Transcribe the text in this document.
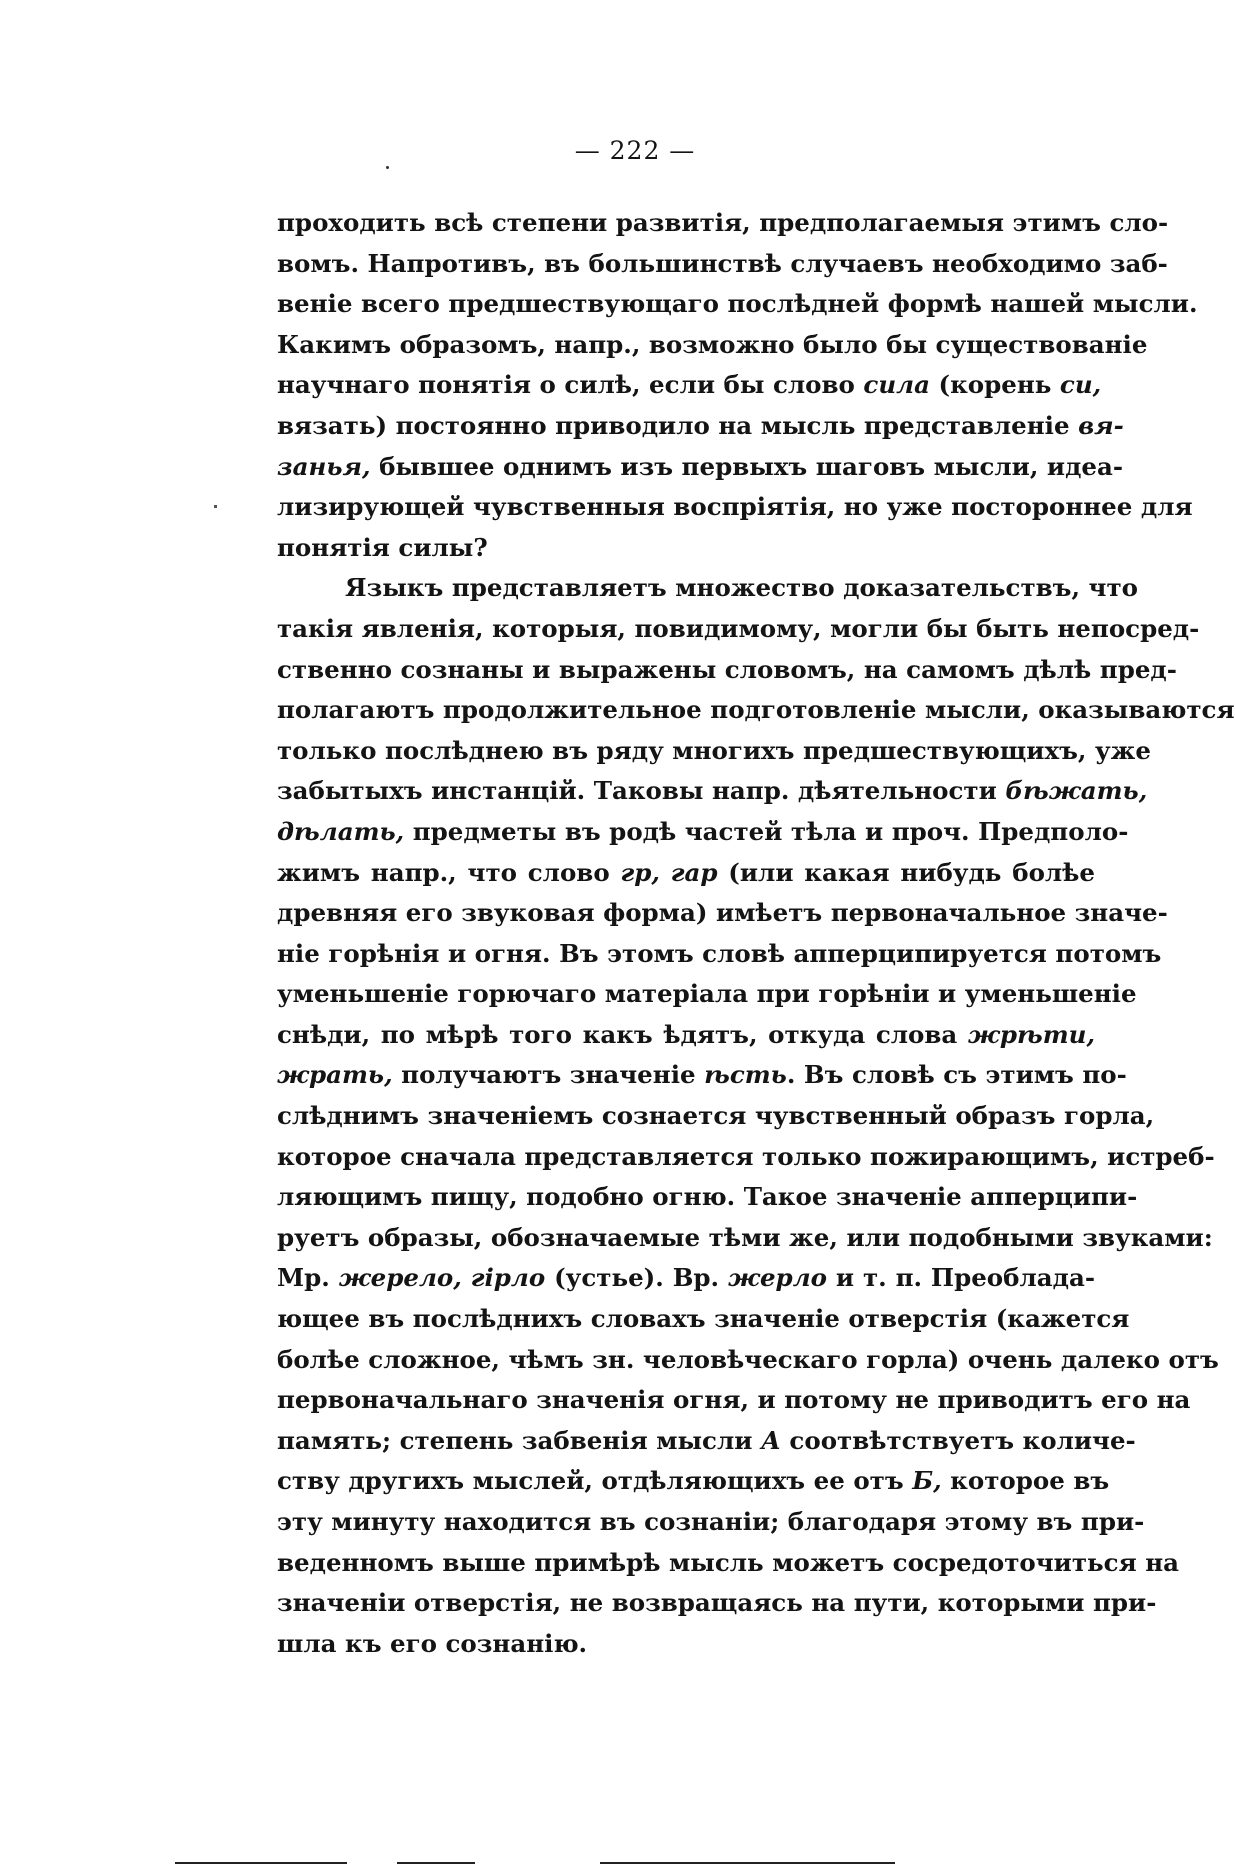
— 222 —
проходить всѣ степени развитія, предполагаемыя этимъ сло-
вомъ. Напротивъ, въ большинствѣ случаевъ необходимо заб-
веніе всего предшествующаго послѣдней формѣ нашей мысли.
Какимъ образомъ, напр., возможно было бы существованіе
научнаго понятія о силѣ, если бы слово сила (корень си,
вязать) постоянно приводило на мысль представленіе вя-
занья, бывшее однимъ изъ первыхъ шаговъ мысли, идеа-
лизирующей чувственныя воспріятія, но уже постороннее для
понятія силы?
Языкъ представляетъ множество доказательствъ, что
такія явленія, которыя, повидимому, могли бы быть непосред-
ственно сознаны и выражены словомъ, на самомъ дѣлѣ пред-
полагаютъ продолжительное подготовленіе мысли, оказываются
только послѣднею въ ряду многихъ предшествующихъ, уже
забытыхъ инстанцій. Таковы напр. дѣятельности бѣжать,
дѣлать, предметы въ родѣ частей тѣла и проч. Предполо-
жимъ напр., что слово гр, гар (или какая нибудь болѣе
древняя его звуковая форма) имѣетъ первоначальное значе-
ніе горѣнія и огня. Въ этомъ словѣ апперципируется потомъ
уменьшеніе горючаго матеріала при горѣніи и уменьшеніе
снѣди, по мѣрѣ того какъ ѣдятъ, откуда слова жрѣти,
жрать, получаютъ значеніе ѣсть. Въ словѣ съ этимъ по-
слѣднимъ значеніемъ сознается чувственный образъ горла,
которое сначала представляется только пожирающимъ, истреб-
ляющимъ пищу, подобно огню. Такое значеніе апперципи-
руетъ образы, обозначаемые тѣми же, или подобными звуками:
Мр. жерело, гірло (устье). Вр. жерло и т. п. Преоблада-
ющее въ послѣднихъ словахъ значеніе отверстія (кажется
болѣе сложное, чѣмъ зн. человѣческаго горла) очень далеко отъ
первоначальнаго значенія огня, и потому не приводитъ его на
память; степень забвенія мысли А соотвѣтствуетъ количе-
ству другихъ мыслей, отдѣляющихъ ее отъ Б, которое въ
эту минуту находится въ сознаніи; благодаря этому въ при-
веденномъ выше примѣрѣ мысль можетъ сосредоточиться на
значеніи отверстія, не возвращаясь на пути, которыми при-
шла къ его сознанію.
